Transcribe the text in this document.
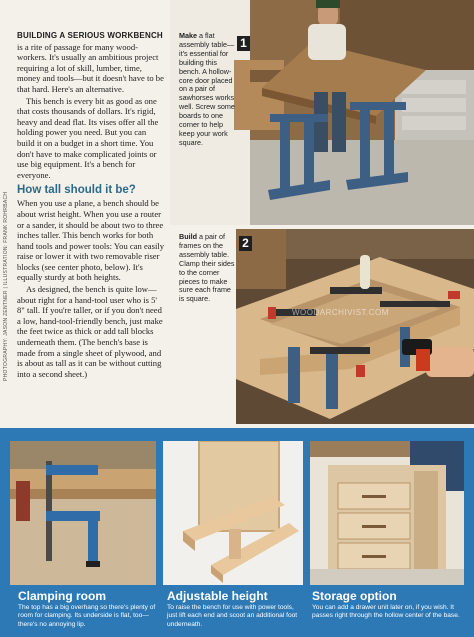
BUILDING A SERIOUS WORKBENCH is a rite of passage for many wood-workers. It's usually an ambitious project requiring a lot of skill, lumber, time, money and tools—but it doesn't have to be that hard. Here's an alternative.

This bench is every bit as good as one that costs thousands of dollars. It's rigid, heavy and dead flat. Its vises offer all the holding power you need. But you can build it on a budget in a short time. You don't have to make complicated joints or use big equipment. It's a bench for everyone.

How tall should it be?

When you use a plane, a bench should be about wrist height. When you use a router or a sander, it should be about two to three inches taller. This bench works for both hand tools and power tools: You can easily raise or lower it with two removable riser blocks (see center photo, below). It's equally sturdy at both heights.

As designed, the bench is quite low—about right for a hand-tool user who is 5' 8" tall. If you're taller, or if you don't need a low, hand-tool-friendly bench, just make the feet twice as thick or add tall blocks underneath them. (The bench's base is made from a single sheet of plywood, and is about as tall as it can be without cutting into a second sheet.)

PHOTOGRAPHY: JASON ZENTNER | ILLUSTRATION: FRANK ROHRBACH
1
Make a flat assembly table—it's essential for building this bench. A hollow-core door placed on a pair of sawhorses works well. Screw some boards to one corner to help keep your work square.
2
Build a pair of frames on the assembly table. Clamp their sides to the corner pieces to make sure each frame is square.
WOODARCHIVIST.COM
Clamping room
The top has a big overhang so there's plenty of room for clamping. Its underside is flat, too—there's no annoying lip.
Adjustable height
To raise the bench for use with power tools, just lift each end and scoot an additional foot underneath.
Storage option
You can add a drawer unit later on, if you wish. It passes right through the hollow center of the base.
